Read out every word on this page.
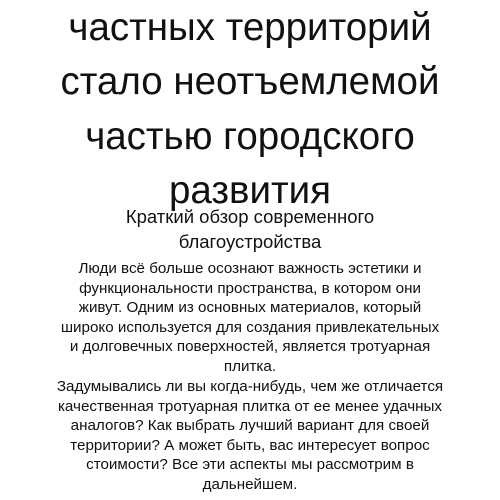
частных территорий
стало неотъемлемой
частью городского
развития
Краткий обзор современного
благоустройства

Люди всё больше осознают важность эстетики и
функциональности пространства, в котором они
живут. Одним из основных материалов, который
широко используется для создания привлекательных
и долговечных поверхностей, является тротуарная
плитка.

Задумывались ли вы когда-нибудь, чем же отличается
качественная тротуарная плитка от ее менее удачных
аналогов? Как выбрать лучший вариант для своей
территории? А может быть, вас интересует вопрос
стоимости? Все эти аспекты мы рассмотрим в
дальнейшем.
